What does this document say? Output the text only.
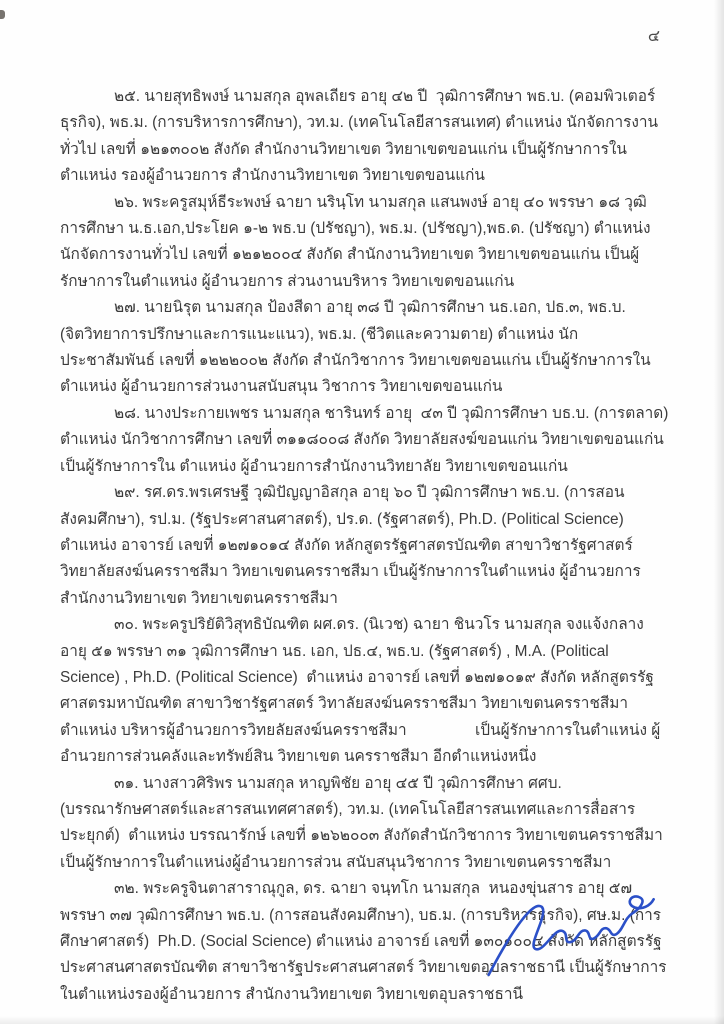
๔

๒๕. นายสุทธิพงษ์ นามสกุล อุพลเถียร อายุ ๔๒ ปี  วุฒิการศึกษา พธ.บ. (คอมพิวเตอร์ธุรกิจ), พธ.ม. (การบริหารการศึกษา), วท.ม. (เทคโนโลยีสารสนเทศ) ตำแหน่ง นักจัดการงานทั่วไป เลขที่ ๑๒๑๓๐๐๒ สังกัด สำนักงานวิทยาเขต วิทยาเขตขอนแก่น เป็นผู้รักษาการในตำแหน่ง รองผู้อำนวยการ สำนักงานวิทยาเขต วิทยาเขตขอนแก่น

๒๖. พระครูสมุห์ธีระพงษ์ ฉายา นรินฺโท นามสกุล แสนพงษ์ อายุ ๔๐ พรรษา ๑๘ วุฒิการศึกษา น.ธ.เอก,ประโยค ๑-๒ พธ.บ (ปรัชญา), พธ.ม. (ปรัชญา),พธ.ด. (ปรัชญา) ตำแหน่ง นักจัดการงานทั่วไป เลขที่ ๑๒๑๒๐๐๔ สังกัด สำนักงานวิทยาเขต วิทยาเขตขอนแก่น เป็นผู้รักษาการในตำแหน่ง ผู้อำนวยการ ส่วนงานบริหาร วิทยาเขตขอนแก่น

๒๗. นายนิรุต นามสกุล ป้องสีดา อายุ ๓๘ ปี วุฒิการศึกษา นธ.เอก, ปธ.๓, พธ.บ. (จิตวิทยาการปรึกษาและการแนะแนว), พธ.ม. (ชีวิตและความตาย) ตำแหน่ง นักประชาสัมพันธ์ เลขที่ ๑๒๒๒๐๐๒ สังกัด สำนักวิชาการ วิทยาเขตขอนแก่น เป็นผู้รักษาการในตำแหน่ง ผู้อำนวยการส่วนงานสนับสนุน วิชาการ วิทยาเขตขอนแก่น

๒๘. นางประกายเพชร นามสกุล ชารินทร์ อายุ  ๔๓ ปี วุฒิการศึกษา บธ.บ. (การตลาด) ตำแหน่ง นักวิชาการศึกษา เลขที่ ๓๑๑๘๐๐๘ สังกัด วิทยาลัยสงฆ์ขอนแก่น วิทยาเขตขอนแก่น เป็นผู้รักษาการใน ตำแหน่ง ผู้อำนวยการสำนักงานวิทยาลัย วิทยาเขตขอนแก่น

๒๙. รศ.ดร.พรเศรษฐี วุฒิปัญญาอิสกุล อายุ ๖๐ ปี วุฒิการศึกษา พธ.บ. (การสอนสังคมศึกษา), รป.ม. (รัฐประศาสนศาสตร์), ปร.ด. (รัฐศาสตร์), Ph.D. (Political Science) ตำแหน่ง อาจารย์ เลขที่ ๑๒๗๑๐๑๔ สังกัด หลักสูตรรัฐศาสตรบัณฑิต สาขาวิชารัฐศาสตร์ วิทยาลัยสงฆ์นครราชสีมา วิทยาเขตนครราชสีมา เป็นผู้รักษาการในตำแหน่ง ผู้อำนวยการสำนักงานวิทยาเขต วิทยาเขตนครราชสีมา

๓๐. พระครูปริยัติวิสุทธิบัณฑิต ผศ.ดร. (นิเวช) ฉายา ชินวโร นามสกุล จงแจ้งกลาง อายุ ๕๑ พรรษา ๓๑ วุฒิการศึกษา นธ. เอก, ปธ.๔, พธ.บ. (รัฐศาสตร์) , M.A. (Political Science) , Ph.D. (Political Science)  ตำแหน่ง อาจารย์ เลขที่ ๑๒๗๑๐๑๙ สังกัด หลักสูตรรัฐศาสตรมหาบัณฑิต สาขาวิชารัฐศาสตร์ วิทาลัยสงฆ์นครราชสีมา วิทยาเขตนครราชสีมา ตำแหน่ง บริหารผู้อำนวยการวิทยลัยสงฆ์นครราชสีมา                เป็นผู้รักษาการในตำแหน่ง ผู้อำนวยการส่วนคลังและทรัพย์สิน วิทยาเขต นครราชสีมา อีกตำแหน่งหนึ่ง

๓๑. นางสาวศิริพร นามสกุล หาญพิชัย อายุ ๔๕ ปี วุฒิการศึกษา ศศบ. (บรรณารักษศาสตร์และสารสนเทศศาสตร์), วท.ม. (เทคโนโลยีสารสนเทศและการสื่อสารประยุกต์)  ตำแหน่ง บรรณารักษ์ เลขที่ ๑๒๖๒๐๐๓ สังกัดสำนักวิชาการ วิทยาเขตนครราชสีมา   เป็นผู้รักษาการในตำแหน่งผู้อำนวยการส่วน สนับสนุนวิชาการ วิทยาเขตนครราชสีมา

๓๒. พระครูจินตาสาราณุกูล, ดร. ฉายา จนฺทโก นามสกุล  หนองขุ่นสาร อายุ ๕๗ พรรษา ๓๗ วุฒิการศึกษา พธ.บ. (การสอนสังคมศึกษา), บธ.ม. (การบริหารธุรกิจ), ศษ.ม. (การศึกษาศาสตร์)  Ph.D. (Social Science) ตำแหน่ง อาจารย์ เลขที่ ๑๓๐๑๐๐๔ สังกัด หลักสูตรรัฐประศาสนศาสตรบัณฑิต สาขาวิชารัฐประศาสนศาสตร์ วิทยาเขตอุบลราชธานี เป็นผู้รักษาการในตำแหน่งรองผู้อำนวยการ สำนักงานวิทยาเขต วิทยาเขตอุบลราชธานี
